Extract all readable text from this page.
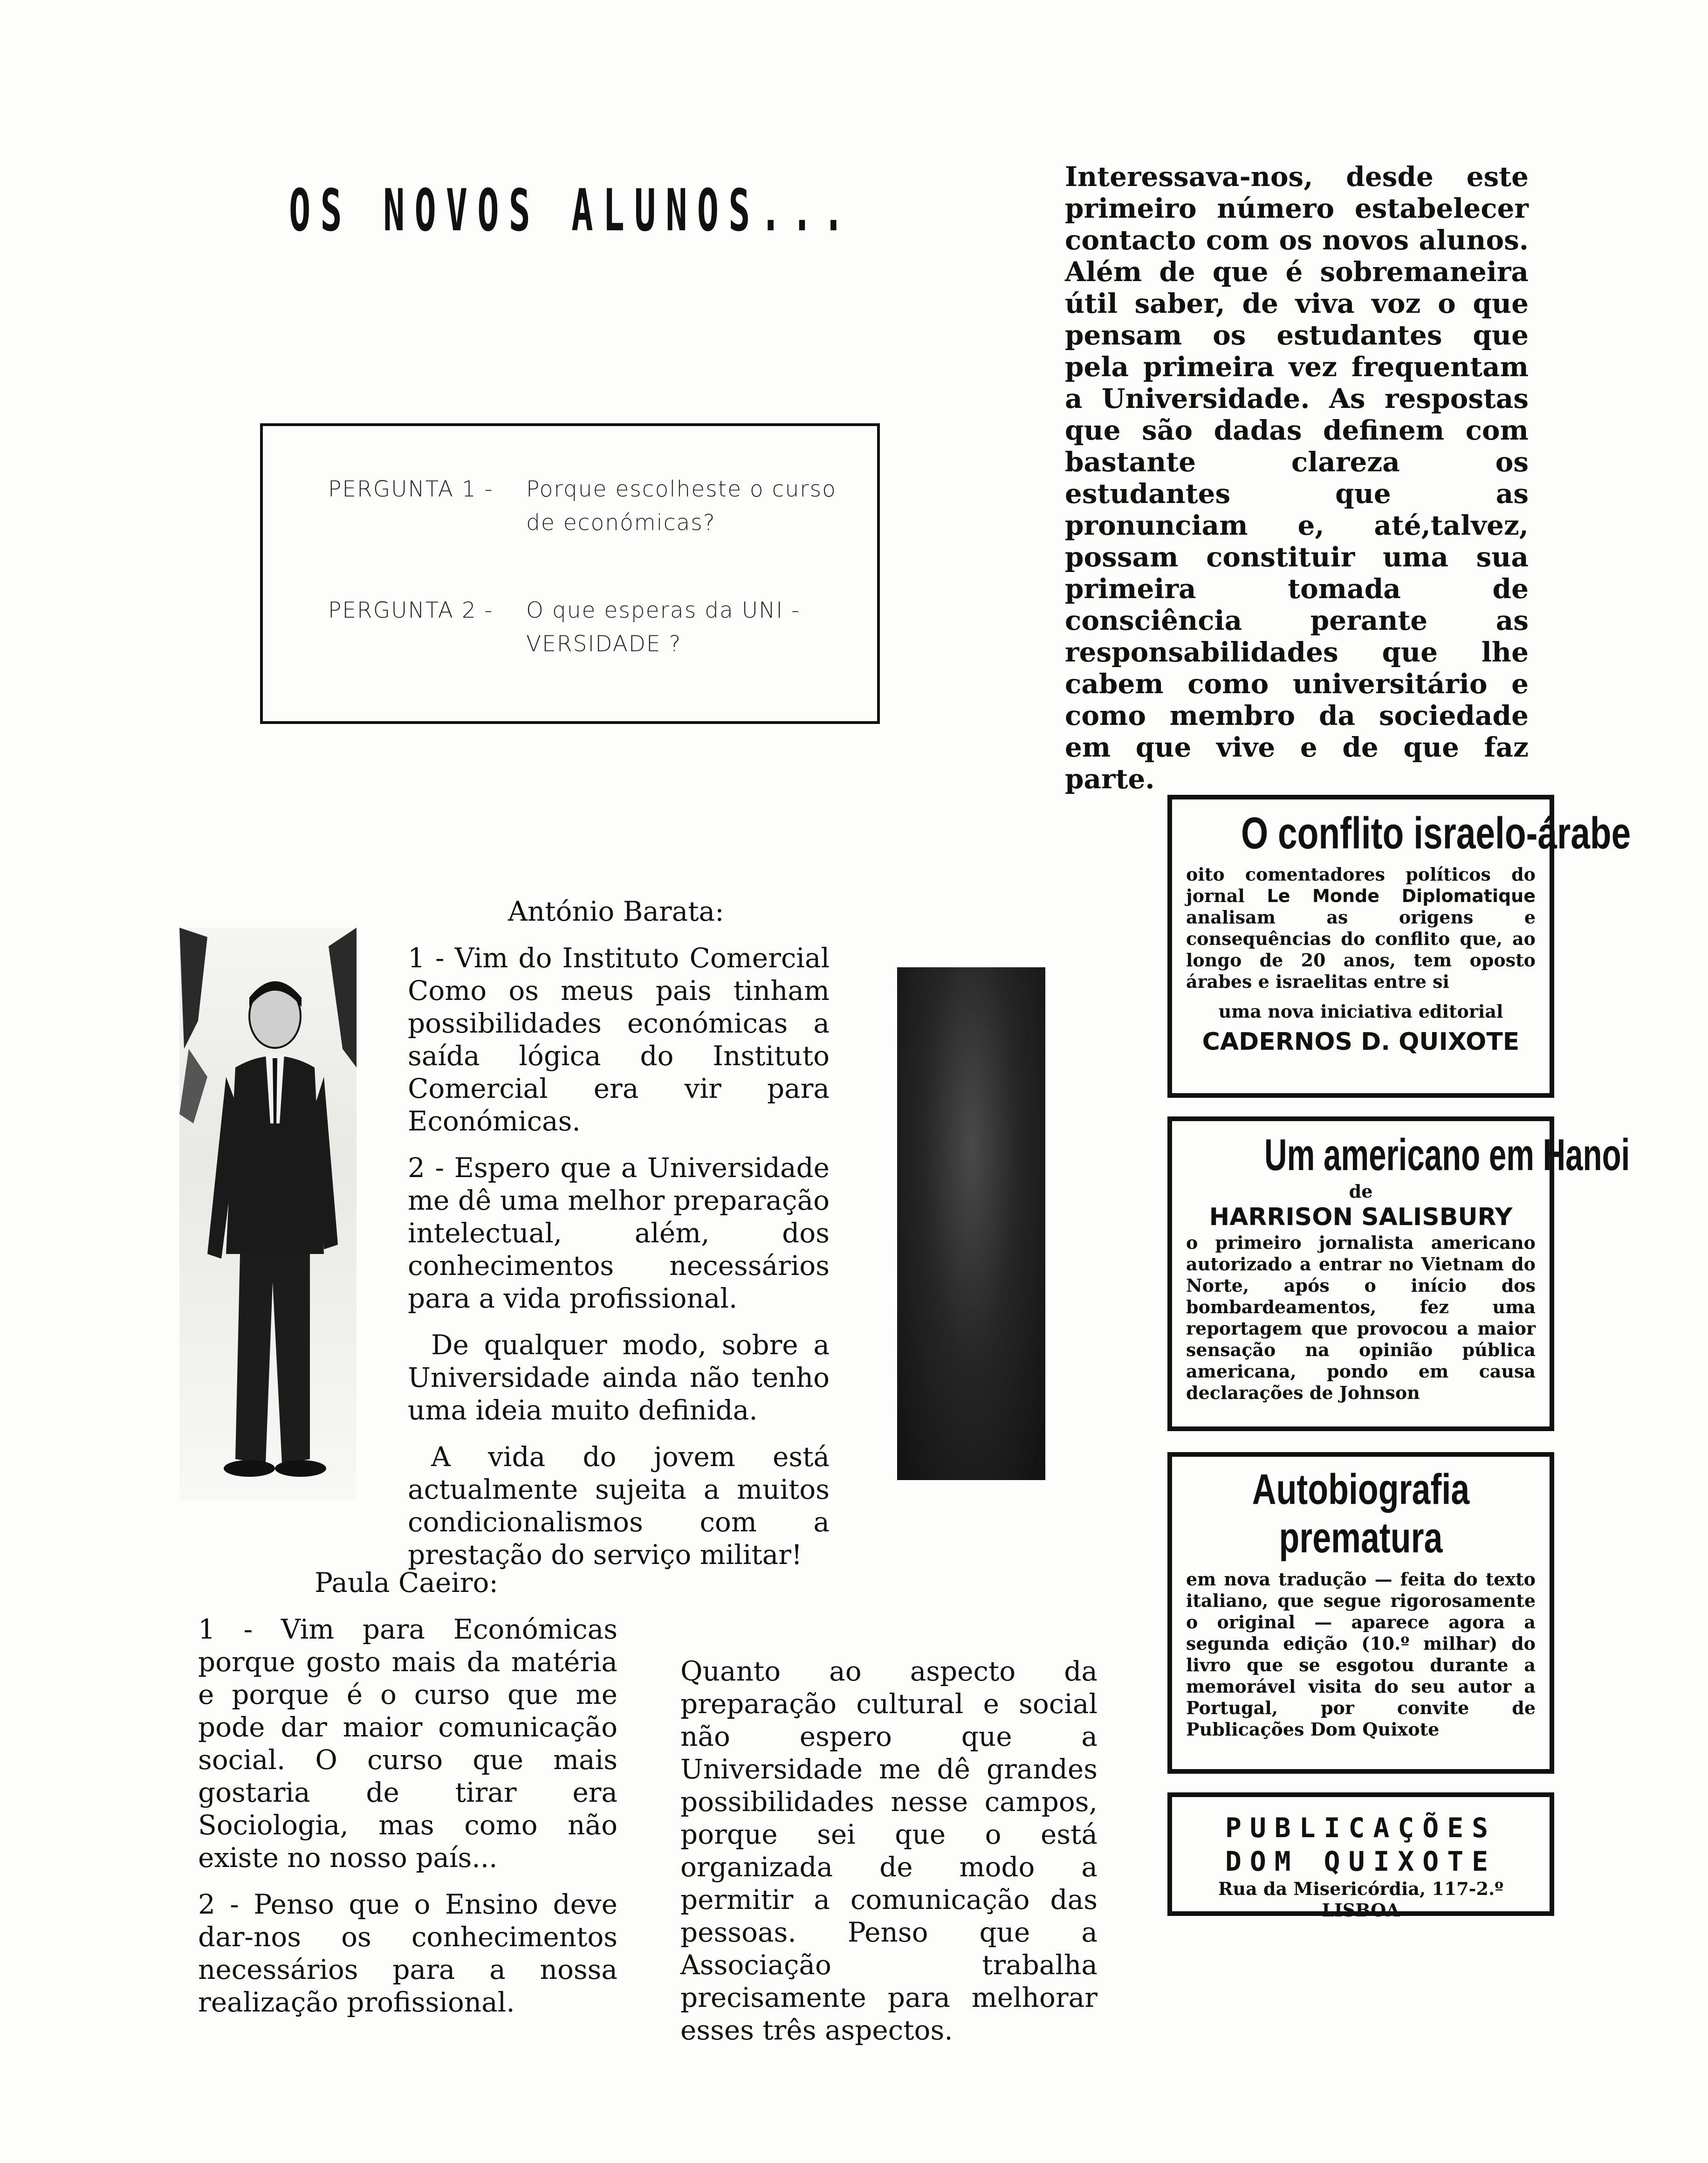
OS NOVOS ALUNOS...
Interessava-nos, desde este primeiro número estabelecer contacto com os novos alunos. Além de que é sobremaneira útil saber, de viva voz o que pensam os estudantes que pela primeira vez frequentam a Universidade. As respostas que são dadas definem com bastante clareza os estudantes que as pronunciam e, até,talvez, possam constituir uma sua primeira tomada de consciência perante as responsabilidades que lhe cabem como universitário e como membro da sociedade em que vive e de que faz parte.
PERGUNTA 1 - Porque escolheste o curso
de económicas?
PERGUNTA 2 - O que esperas da UNI -
VERSIDADE ?
António Barata:

1 - Vim do Instituto Comercial Como os meus pais tinham possibilidades económicas a saída lógica do Instituto Comercial era vir para Económicas.

2 - Espero que a Universidade me dê uma melhor preparação intelectual, além, dos conhecimentos necessários para a vida profissional.

De qualquer modo, sobre a Universidade ainda não tenho uma ideia muito definida.

A vida do jovem está actualmente sujeita a muitos condicionalismos com a prestação do serviço militar!

Paula Caeiro:

1 - Vim para Económicas porque gosto mais da matéria e porque é o curso que me pode dar maior comunicação social. O curso que mais gostaria de tirar era Sociologia, mas como não existe no nosso país...

2 - Penso que o Ensino deve dar-nos os conhecimentos necessários para a nossa realização profissional.

Quanto ao aspecto da preparação cultural e social não espero que a Universidade me dê grandes possibilidades nesse campos, porque sei que o está organizada de modo a permitir a comunicação das pessoas. Penso que a Associação trabalha precisamente para melhorar esses três aspectos.
O conflito israelo-árabe
oito comentadores políticos do jornal Le Monde Diplomatique analisam as origens e consequências do conflito que, ao longo de 20 anos, tem oposto árabes e israelitas entre si
uma nova iniciativa editorial
CADERNOS D. QUIXOTE
Um americano em Hanoi
de
HARRISON SALISBURY
o primeiro jornalista americano autorizado a entrar no Vietnam do Norte, após o início dos bombardeamentos, fez uma reportagem que provocou a maior sensação na opinião pública americana, pondo em causa declarações de Johnson
Autobiografia prematura
em nova tradução — feita do texto italiano, que segue rigorosamente o original — aparece agora a segunda edição (10.º milhar) do livro que se esgotou durante a memorável visita do seu autor a Portugal, por convite de Publicações Dom Quixote
PUBLICAÇÕES
DOM QUIXOTE
Rua da Misericórdia, 117-2.º
LISBOA
